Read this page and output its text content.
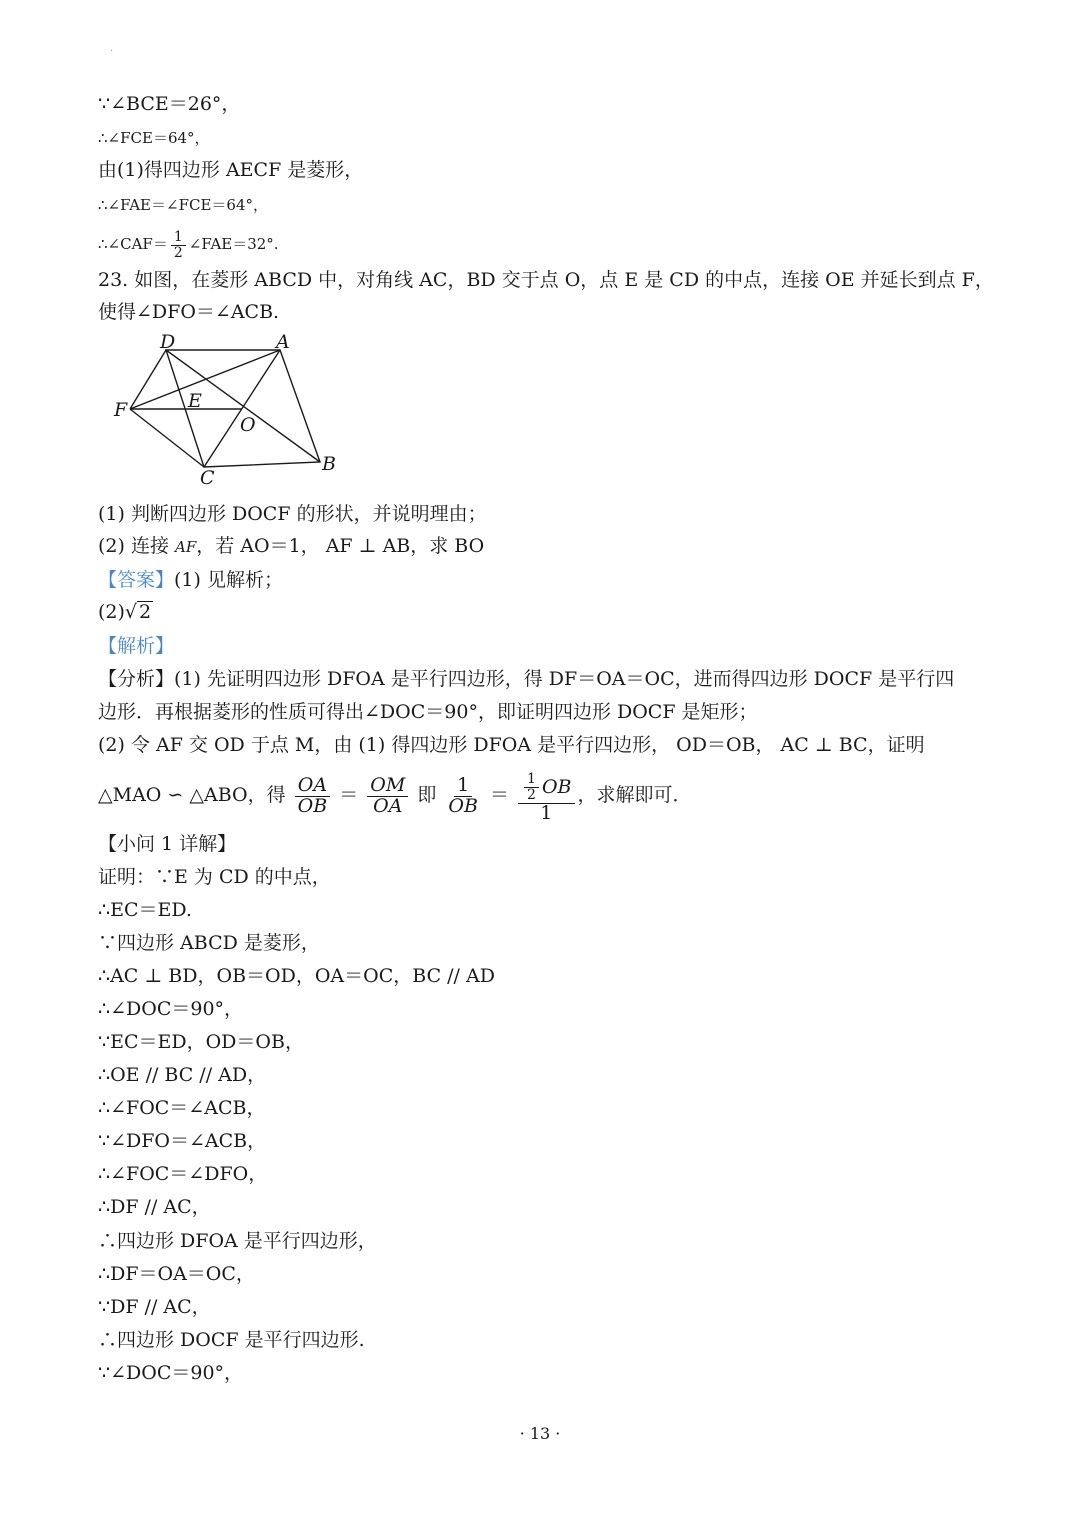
·
∵∠BCE＝26°，
∴∠FCE＝64°，
由(1)得四边形 AECF 是菱形，
∴∠FAE＝∠FCE＝64°，
∴∠CAF＝ $\frac{1}{2}$ ∠FAE＝32°.
23. 如图，在菱形 ABCD 中，对角线 AC，BD 交于点 O，点 E 是 CD 的中点，连接 OE 并延长到点 F，
使得∠DFO＝∠ACB.
D	A
F	E
O
C
B
(1) 判断四边形 DOCF 的形状，并说明理由；
(2) 连接 AF，若 AO＝1， AF ⊥ AB，求 BO
【答案】(1) 见解析；
(2)√ 2
【解析】
【分析】(1) 先证明四边形 DFOA 是平行四边形，得 DF＝OA＝OC，进而得四边形 DOCF 是平行四
边形．再根据菱形的性质可得出∠DOC＝90°，即证明四边形 DOCF 是矩形；
(2) 令 AF 交 OD 于点 M，由 (1) 得四边形 DFOA 是平行四边形， OD＝OB， AC ⊥ BC，证明
△MAO ∽ △ABO，得 $\frac{OA}{OB} = \frac{OM}{OA}$ 即 $\frac{1}{OB} = \frac{\frac{1}{2} OB}{1}$ ，求解即可．
【小问 1 详解】
证明：∵E 为 CD 的中点，
∴EC＝ED.
∵四边形 ABCD 是菱形，
∴AC ⊥ BD，OB＝OD，OA＝OC，BC // AD
∴∠DOC＝90°，
∵EC＝ED，OD＝OB，
∴OE // BC // AD，
∴∠FOC＝∠ACB，
∵∠DFO＝∠ACB，
∴∠FOC＝∠DFO，
∴DF // AC，
∴四边形 DFOA 是平行四边形，
∴DF＝OA＝OC，
∵DF // AC，
∴四边形 DOCF 是平行四边形.
∵∠DOC＝90°，
· 13 ·
